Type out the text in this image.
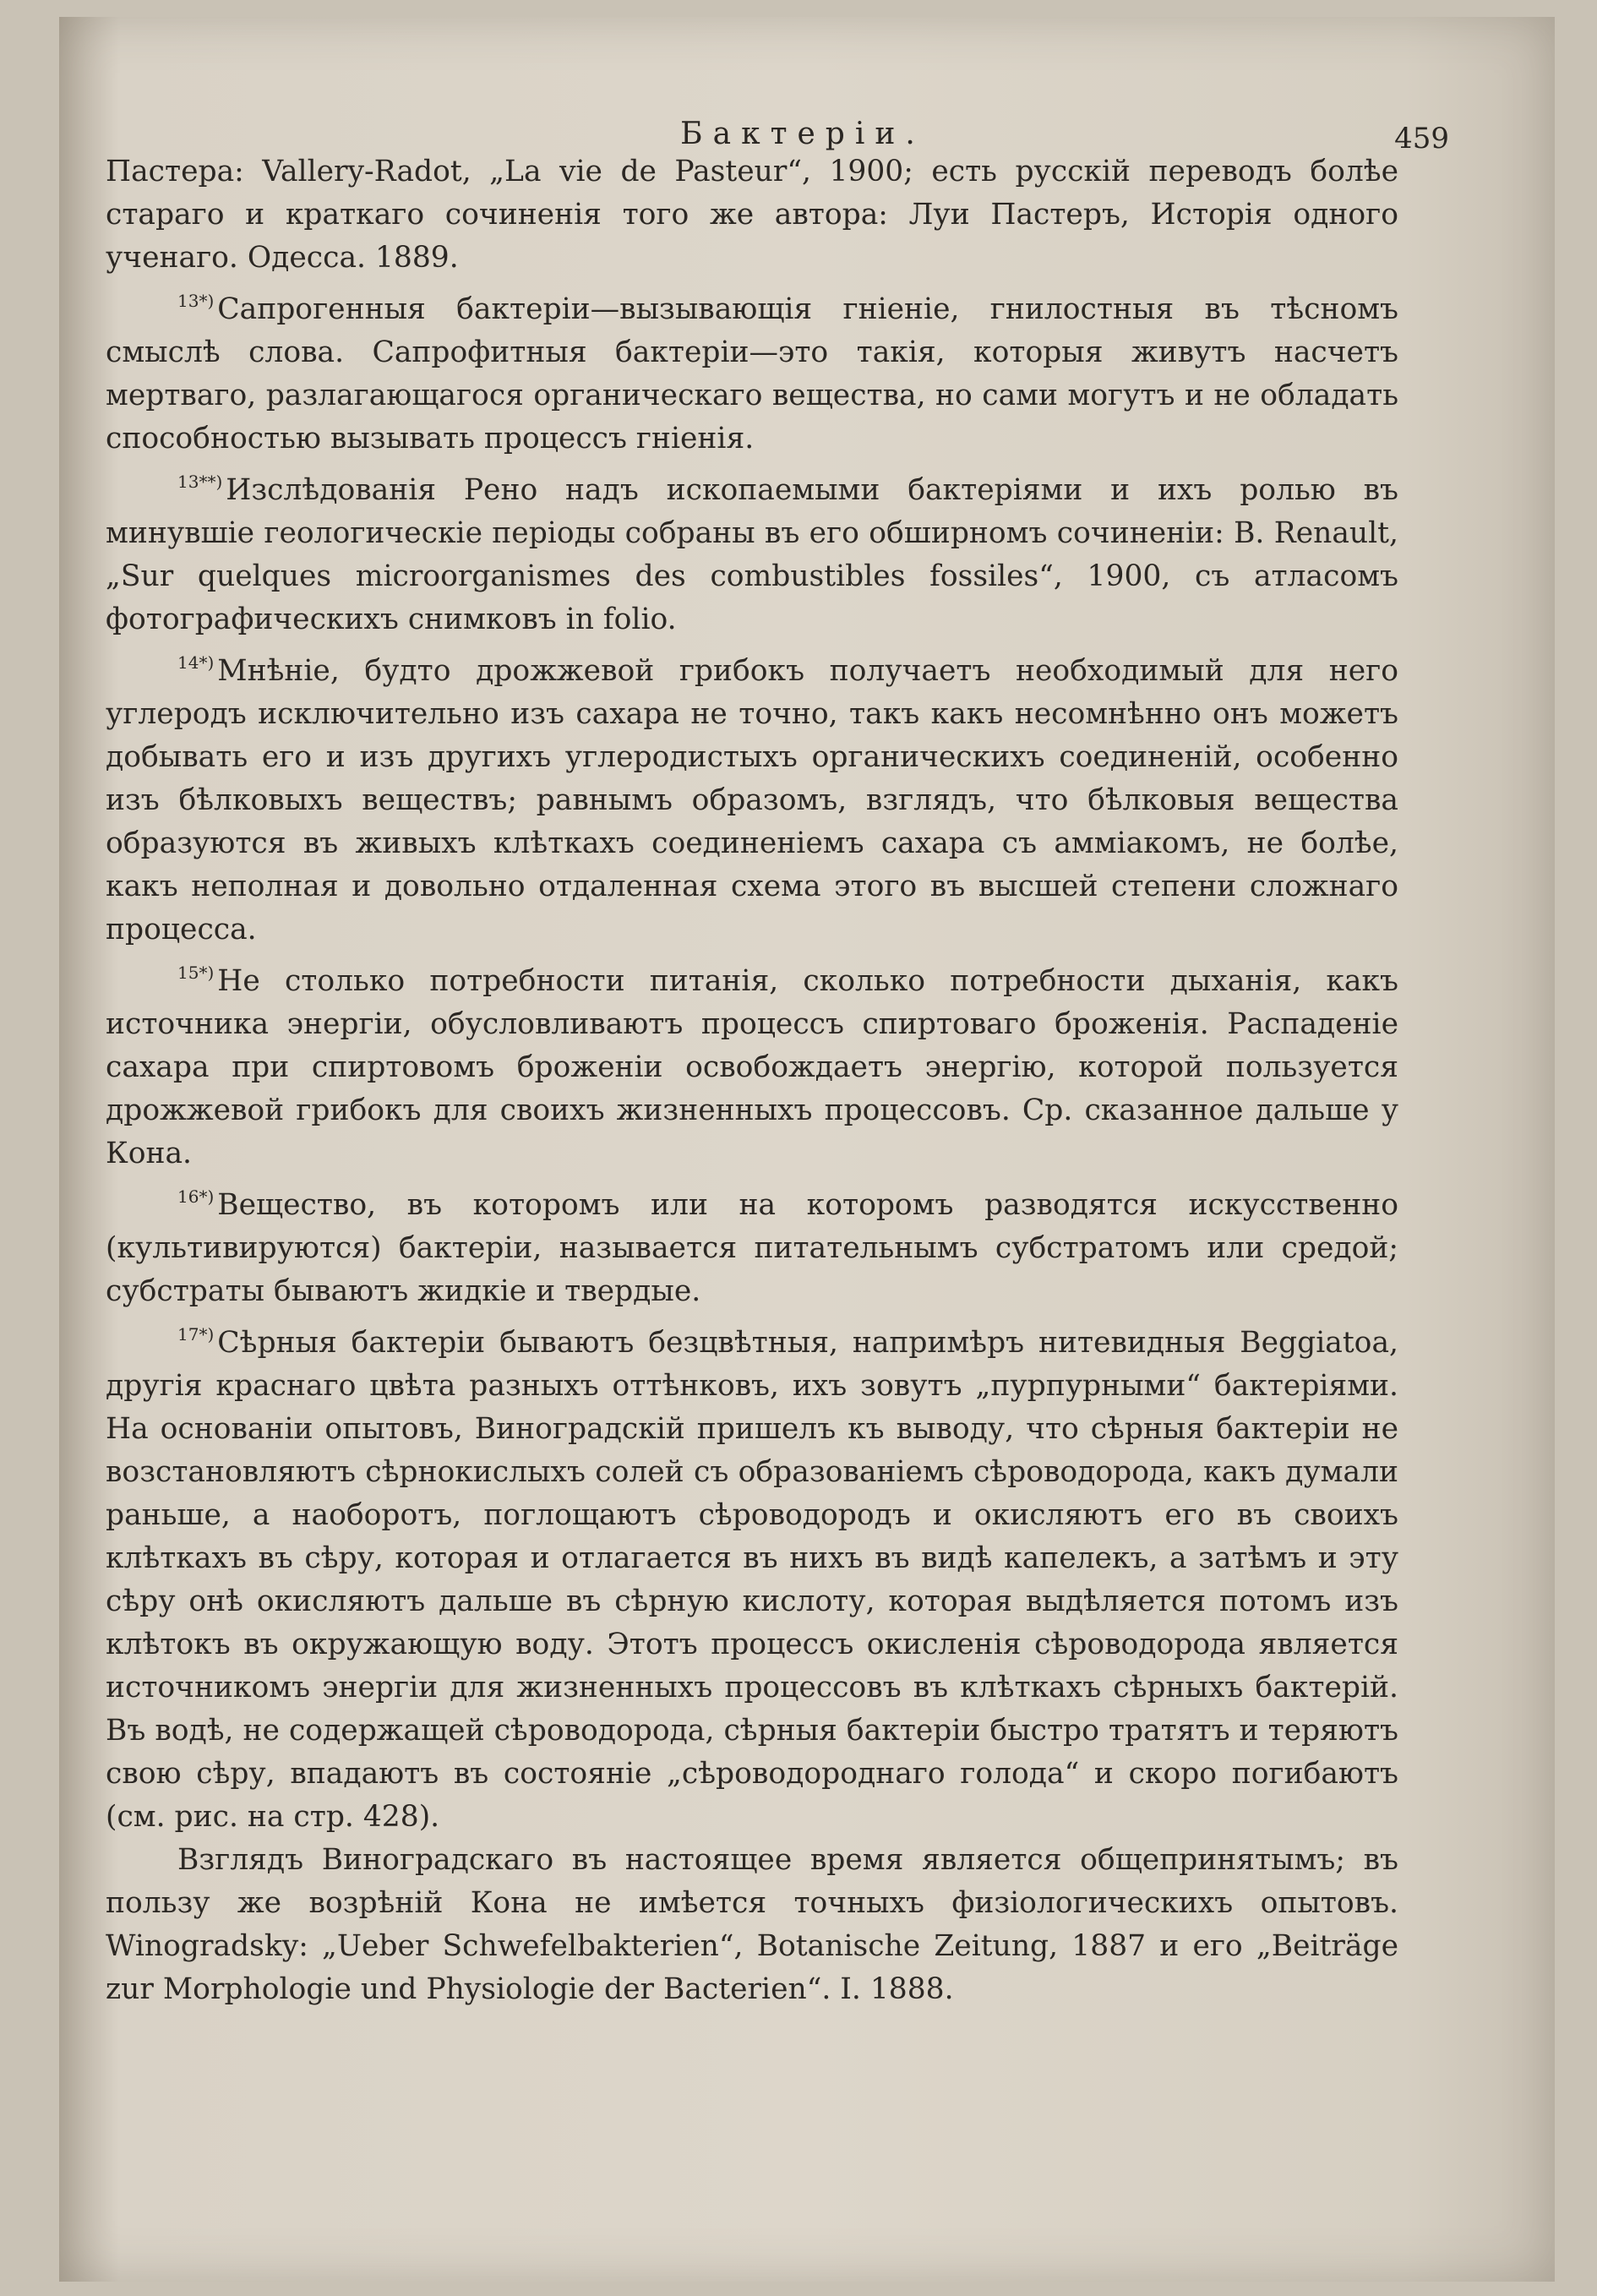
Бактеріи.	459

Пастера: Vallery-Radot, „La vie de Pasteur“, 1900; есть русскій переводъ болѣе стараго и краткаго сочиненія того же автора: Луи Пастеръ, Исторія одного ученаго. Одесса. 1889.

$^{13*)}$ Сапрогенныя бактеріи—вызывающія гніеніе, гнилостныя въ тѣсномъ смыслѣ слова. Сапрофитныя бактеріи—это такія, которыя живутъ насчетъ мертваго, разлагающагося органическаго вещества, но сами могутъ и не обладать способностью вызывать процессъ гніенія.

$^{13**)}$ Изслѣдованія Рено надъ ископаемыми бактеріями и ихъ ролью въ минувшіе геологическіе періоды собраны въ его обширномъ сочиненіи: B. Renault, „Sur quelques microorganismes des combustibles fossiles“, 1900, съ атласомъ фотографическихъ снимковъ in folio.

$^{14*)}$ Мнѣніе, будто дрожжевой грибокъ получаетъ необходимый для него углеродъ исключительно изъ сахара не точно, такъ какъ несомнѣнно онъ можетъ добывать его и изъ другихъ углеродистыхъ органическихъ соединеній, особенно изъ бѣлковыхъ веществъ; равнымъ образомъ, взглядъ, что бѣлковыя вещества образуются въ живыхъ клѣткахъ соединеніемъ сахара съ амміакомъ, не болѣе, какъ неполная и довольно отдаленная схема этого въ высшей степени сложнаго процесса.

$^{15*)}$ Не столько потребности питанія, сколько потребности дыханія, какъ источника энергіи, обусловливаютъ процессъ спиртоваго броженія. Распаденіе сахара при спиртовомъ броженіи освобождаетъ энергію, которой пользуется дрожжевой грибокъ для своихъ жизненныхъ процессовъ. Ср. сказанное дальше у Кона.

$^{16*)}$ Вещество, въ которомъ или на которомъ разводятся искусственно (культивируются) бактеріи, называется питательнымъ субстратомъ или средой; субстраты бываютъ жидкіе и твердые.

$^{17*)}$ Сѣрныя бактеріи бываютъ безцвѣтныя, напримѣръ нитевидныя Beggiatoa, другія краснаго цвѣта разныхъ оттѣнковъ, ихъ зовутъ „пурпурными“ бактеріями. На основаніи опытовъ, Виноградскій пришелъ къ выводу, что сѣрныя бактеріи не возстановляютъ сѣрнокислыхъ солей съ образованіемъ сѣроводорода, какъ думали раньше, а наоборотъ, поглощаютъ сѣроводородъ и окисляютъ его въ своихъ клѣткахъ въ сѣру, которая и отлагается въ нихъ въ видѣ капелекъ, а затѣмъ и эту сѣру онѣ окисляютъ дальше въ сѣрную кислоту, которая выдѣляется потомъ изъ клѣтокъ въ окружающую воду. Этотъ процессъ окисленія сѣроводорода является источникомъ энергіи для жизненныхъ процессовъ въ клѣткахъ сѣрныхъ бактерій. Въ водѣ, не содержащей сѣроводорода, сѣрныя бактеріи быстро тратятъ и теряютъ свою сѣру, впадаютъ въ состояніе „сѣроводороднаго голода“ и скоро погибаютъ (см. рис. на стр. 428).

Взглядъ Виноградскаго въ настоящее время является общепринятымъ; въ пользу же возрѣній Кона не имѣется точныхъ физіологическихъ опытовъ. Winogradsky: „Ueber Schwefelbakterien“, Botanische Zeitung, 1887 и его „Beiträge zur Morphologie und Physiologie der Bacterien“. I. 1888.
